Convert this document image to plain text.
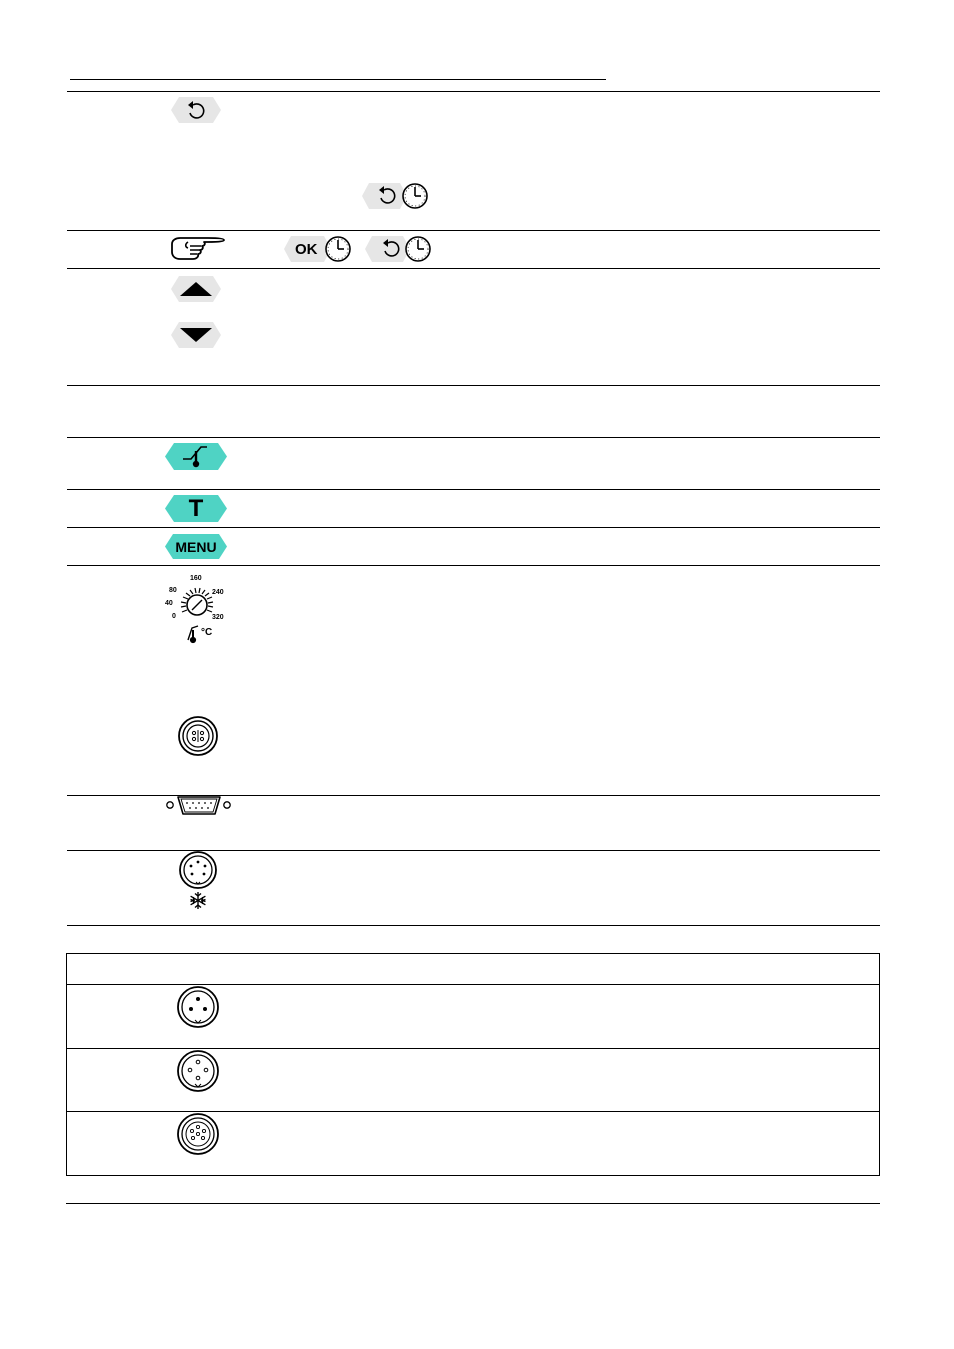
OK
T
MENU
160
80	240
40
0	320
°C
